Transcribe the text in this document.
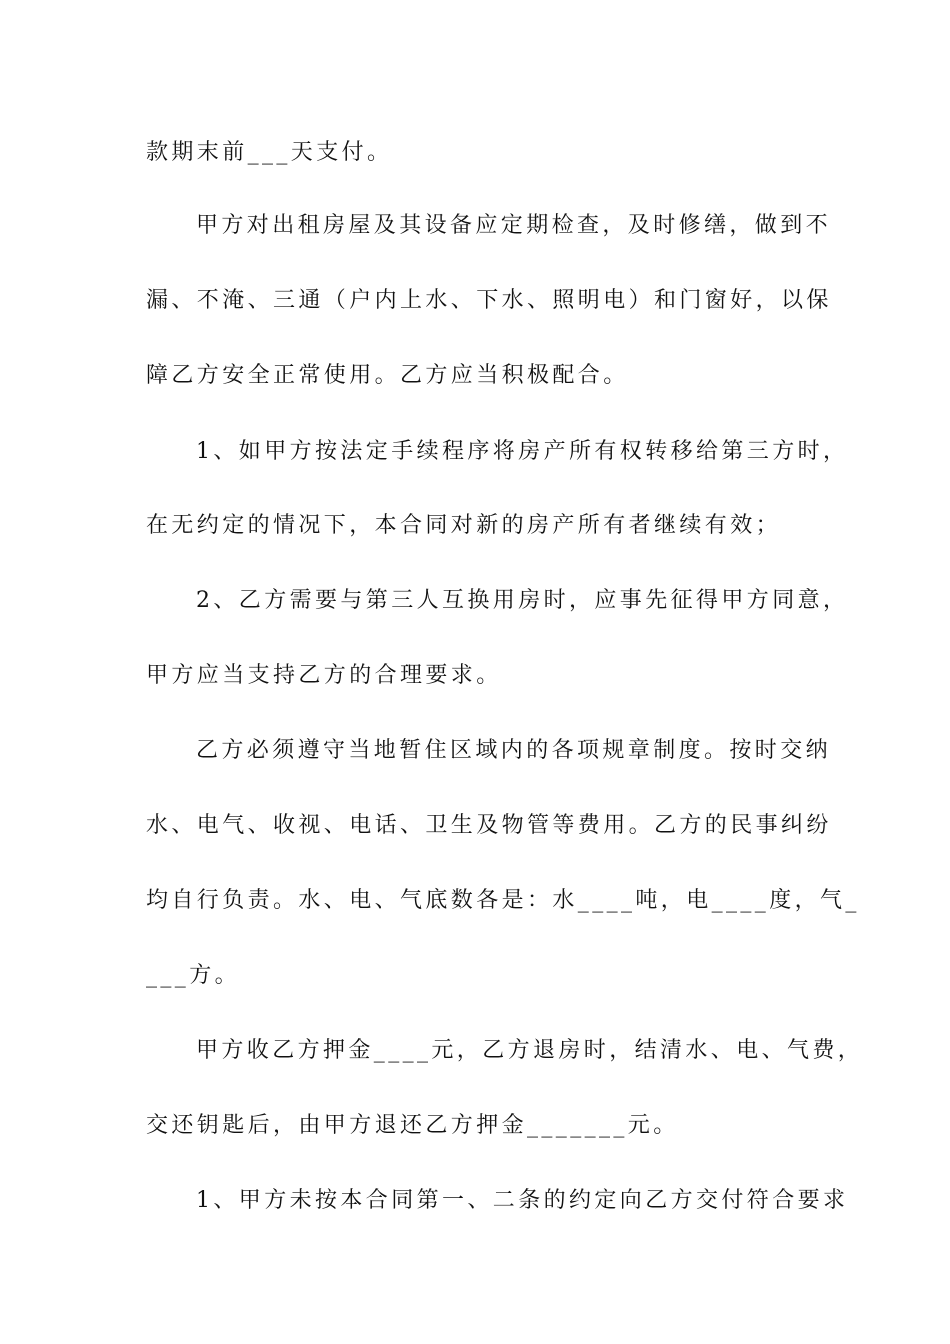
款期末前___天支付。
甲方对出租房屋及其设备应定期检查，及时修缮，做到不
漏、不淹、三通（户内上水、下水、照明电）和门窗好，以保
障乙方安全正常使用。乙方应当积极配合。
1、如甲方按法定手续程序将房产所有权转移给第三方时，
在无约定的情况下，本合同对新的房产所有者继续有效；
2、乙方需要与第三人互换用房时，应事先征得甲方同意，
甲方应当支持乙方的合理要求。
乙方必须遵守当地暂住区域内的各项规章制度。按时交纳
水、电气、收视、电话、卫生及物管等费用。乙方的民事纠纷
均自行负责。水、电、气底数各是：水____吨，电____度，气_
___方。
甲方收乙方押金____元，乙方退房时，结清水、电、气费，
交还钥匙后，由甲方退还乙方押金_______元。
1、甲方未按本合同第一、二条的约定向乙方交付符合要求
